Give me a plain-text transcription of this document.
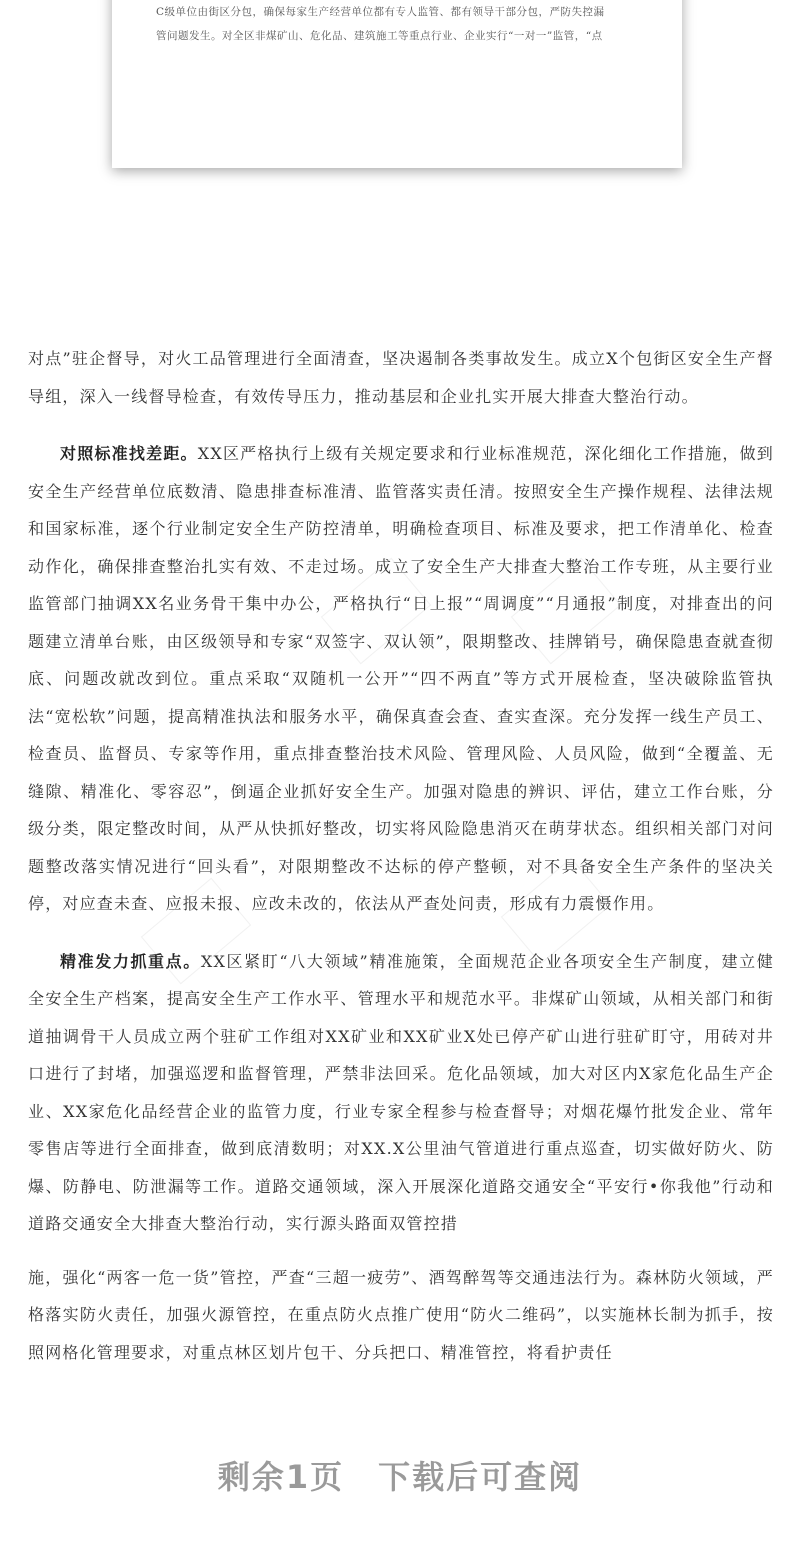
C级单位由街区分包，确保每家生产经营单位都有专人监管、都有领导干部分包，严防失控漏
管问题发生。对全区非煤矿山、危化品、建筑施工等重点行业、企业实行“一对一”监管，“点

对点”驻企督导，对火工品管理进行全面清查，坚决遏制各类事故发生。成立X个包街区安全生产督导组，深入一线督导检查，有效传导压力，推动基层和企业扎实开展大排查大整治行动。

对照标准找差距。XX区严格执行上级有关规定要求和行业标准规范，深化细化工作措施，做到安全生产经营单位底数清、隐患排查标准清、监管落实责任清。按照安全生产操作规程、法律法规和国家标准，逐个行业制定安全生产防控清单，明确检查项目、标准及要求，把工作清单化、检查动作化，确保排查整治扎实有效、不走过场。成立了安全生产大排查大整治工作专班，从主要行业监管部门抽调XX名业务骨干集中办公，严格执行“日上报”“周调度”“月通报”制度，对排查出的问题建立清单台账，由区级领导和专家“双签字、双认领”，限期整改、挂牌销号，确保隐患查就查彻底、问题改就改到位。重点采取“双随机一公开”“四不两直”等方式开展检查，坚决破除监管执法“宽松软”问题，提高精准执法和服务水平，确保真查会查、查实查深。充分发挥一线生产员工、检查员、监督员、专家等作用，重点排查整治技术风险、管理风险、人员风险，做到“全覆盖、无缝隙、精准化、零容忍”，倒逼企业抓好安全生产。加强对隐患的辨识、评估，建立工作台账，分级分类，限定整改时间，从严从快抓好整改，切实将风险隐患消灭在萌芽状态。组织相关部门对问题整改落实情况进行“回头看”，对限期整改不达标的停产整顿，对不具备安全生产条件的坚决关停，对应查未查、应报未报、应改未改的，依法从严查处问责，形成有力震慑作用。

精准发力抓重点。XX区紧盯“八大领域”精准施策，全面规范企业各项安全生产制度，建立健全安全生产档案，提高安全生产工作水平、管理水平和规范水平。非煤矿山领域，从相关部门和街道抽调骨干人员成立两个驻矿工作组对XX矿业和XX矿业X处已停产矿山进行驻矿盯守，用砖对井口进行了封堵，加强巡逻和监督管理，严禁非法回采。危化品领域，加大对区内X家危化品生产企业、XX家危化品经营企业的监管力度，行业专家全程参与检查督导；对烟花爆竹批发企业、常年零售店等进行全面排查，做到底清数明；对XX.X公里油气管道进行重点巡查，切实做好防火、防爆、防静电、防泄漏等工作。道路交通领域，深入开展深化道路交通安全“平安行•你我他”行动和道路交通安全大排查大整治行动，实行源头路面双管控措

施，强化“两客一危一货”管控，严查“三超一疲劳”、酒驾醉驾等交通违法行为。森林防火领域，严格落实防火责任，加强火源管控，在重点防火点推广使用“防火二维码”，以实施林长制为抓手，按照网格化管理要求，对重点林区划片包干、分兵把口、精准管控，将看护责任

剩余1页 下载后可查阅
